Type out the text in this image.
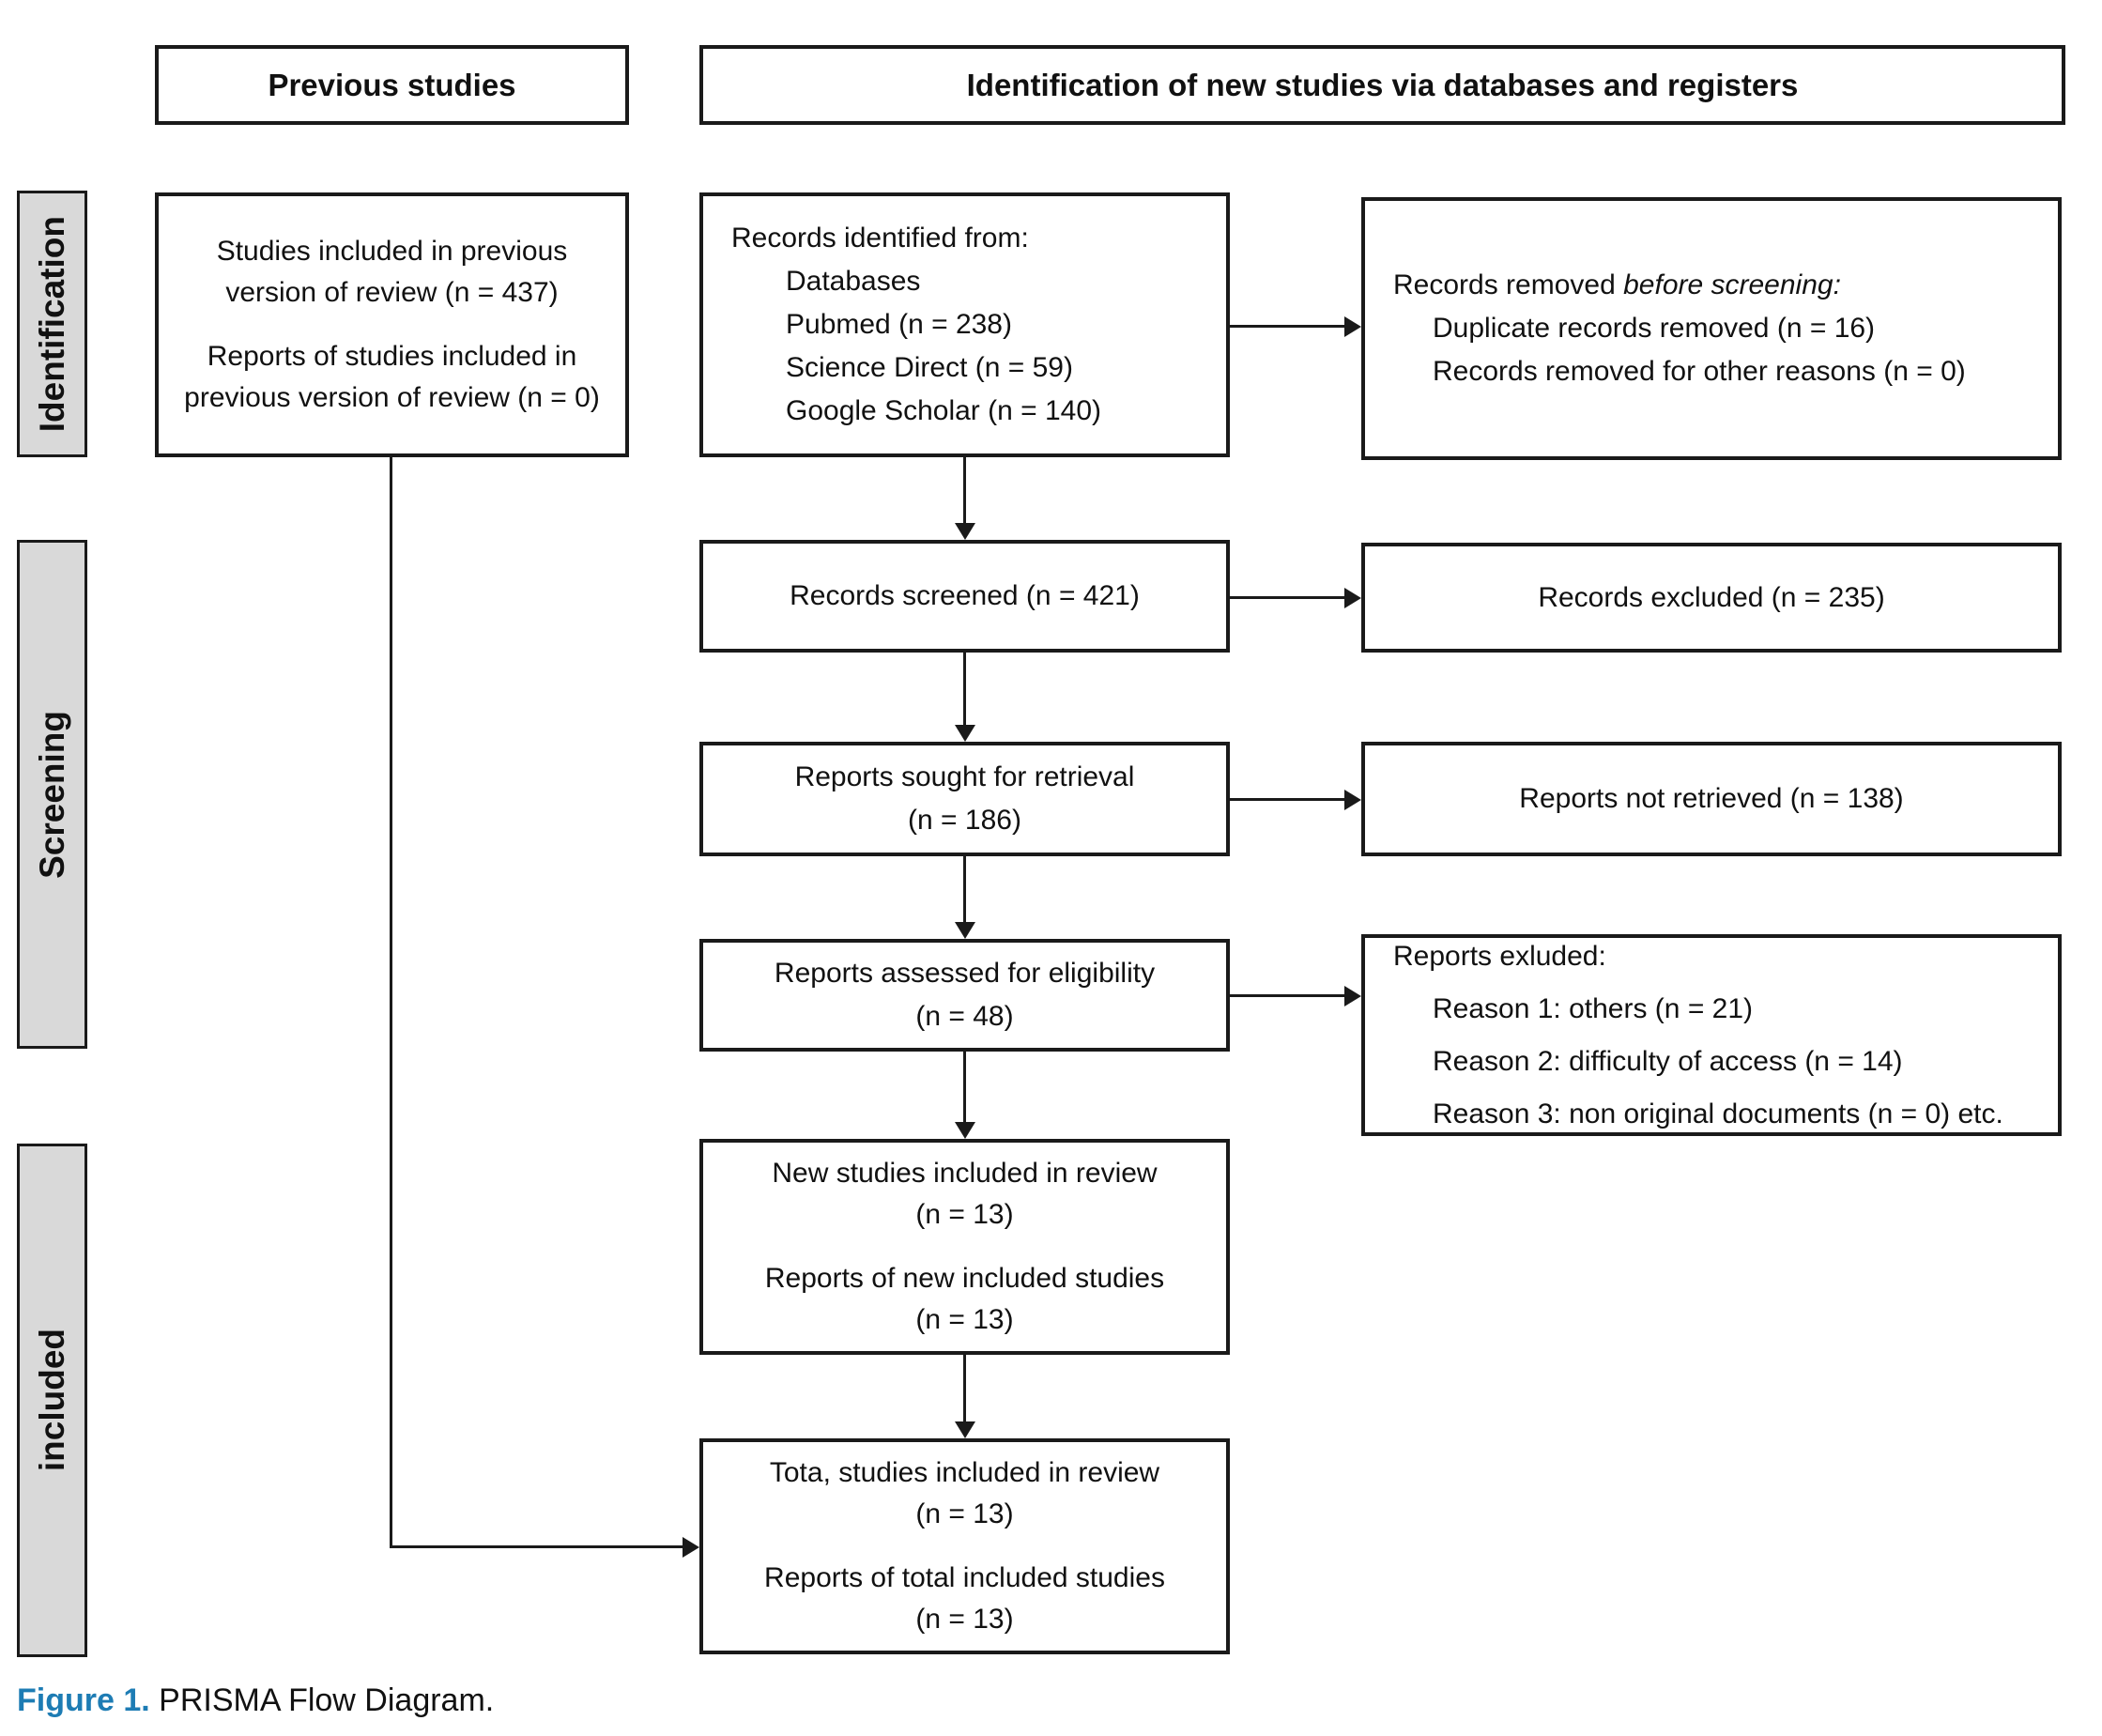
Previous studies	Identification of new studies via databases and registers
Identification
Screening
included
Studies included in previous version of review (n = 437)
Reports of studies included in previous version of review (n = 0)
Records identified from:
Databases
Pubmed (n = 238)
Science Direct (n = 59)
Google Scholar (n = 140)
Records screened (n = 421)
Reports sought for retrieval
(n = 186)
Reports assessed for eligibility
(n = 48)
New studies included in review
(n = 13)
Reports of new included studies
(n = 13)
Tota, studies included in review
(n = 13)
Reports of total included studies
(n = 13)
Records removed before screening:
Duplicate records removed (n = 16)
Records removed for other reasons (n = 0)
Records excluded (n = 235)
Reports not retrieved (n = 138)
Reports exluded:
Reason 1: others (n = 21)
Reason 2: difficulty of access (n = 14)
Reason 3: non original documents (n = 0) etc.
Figure 1. PRISMA Flow Diagram.
